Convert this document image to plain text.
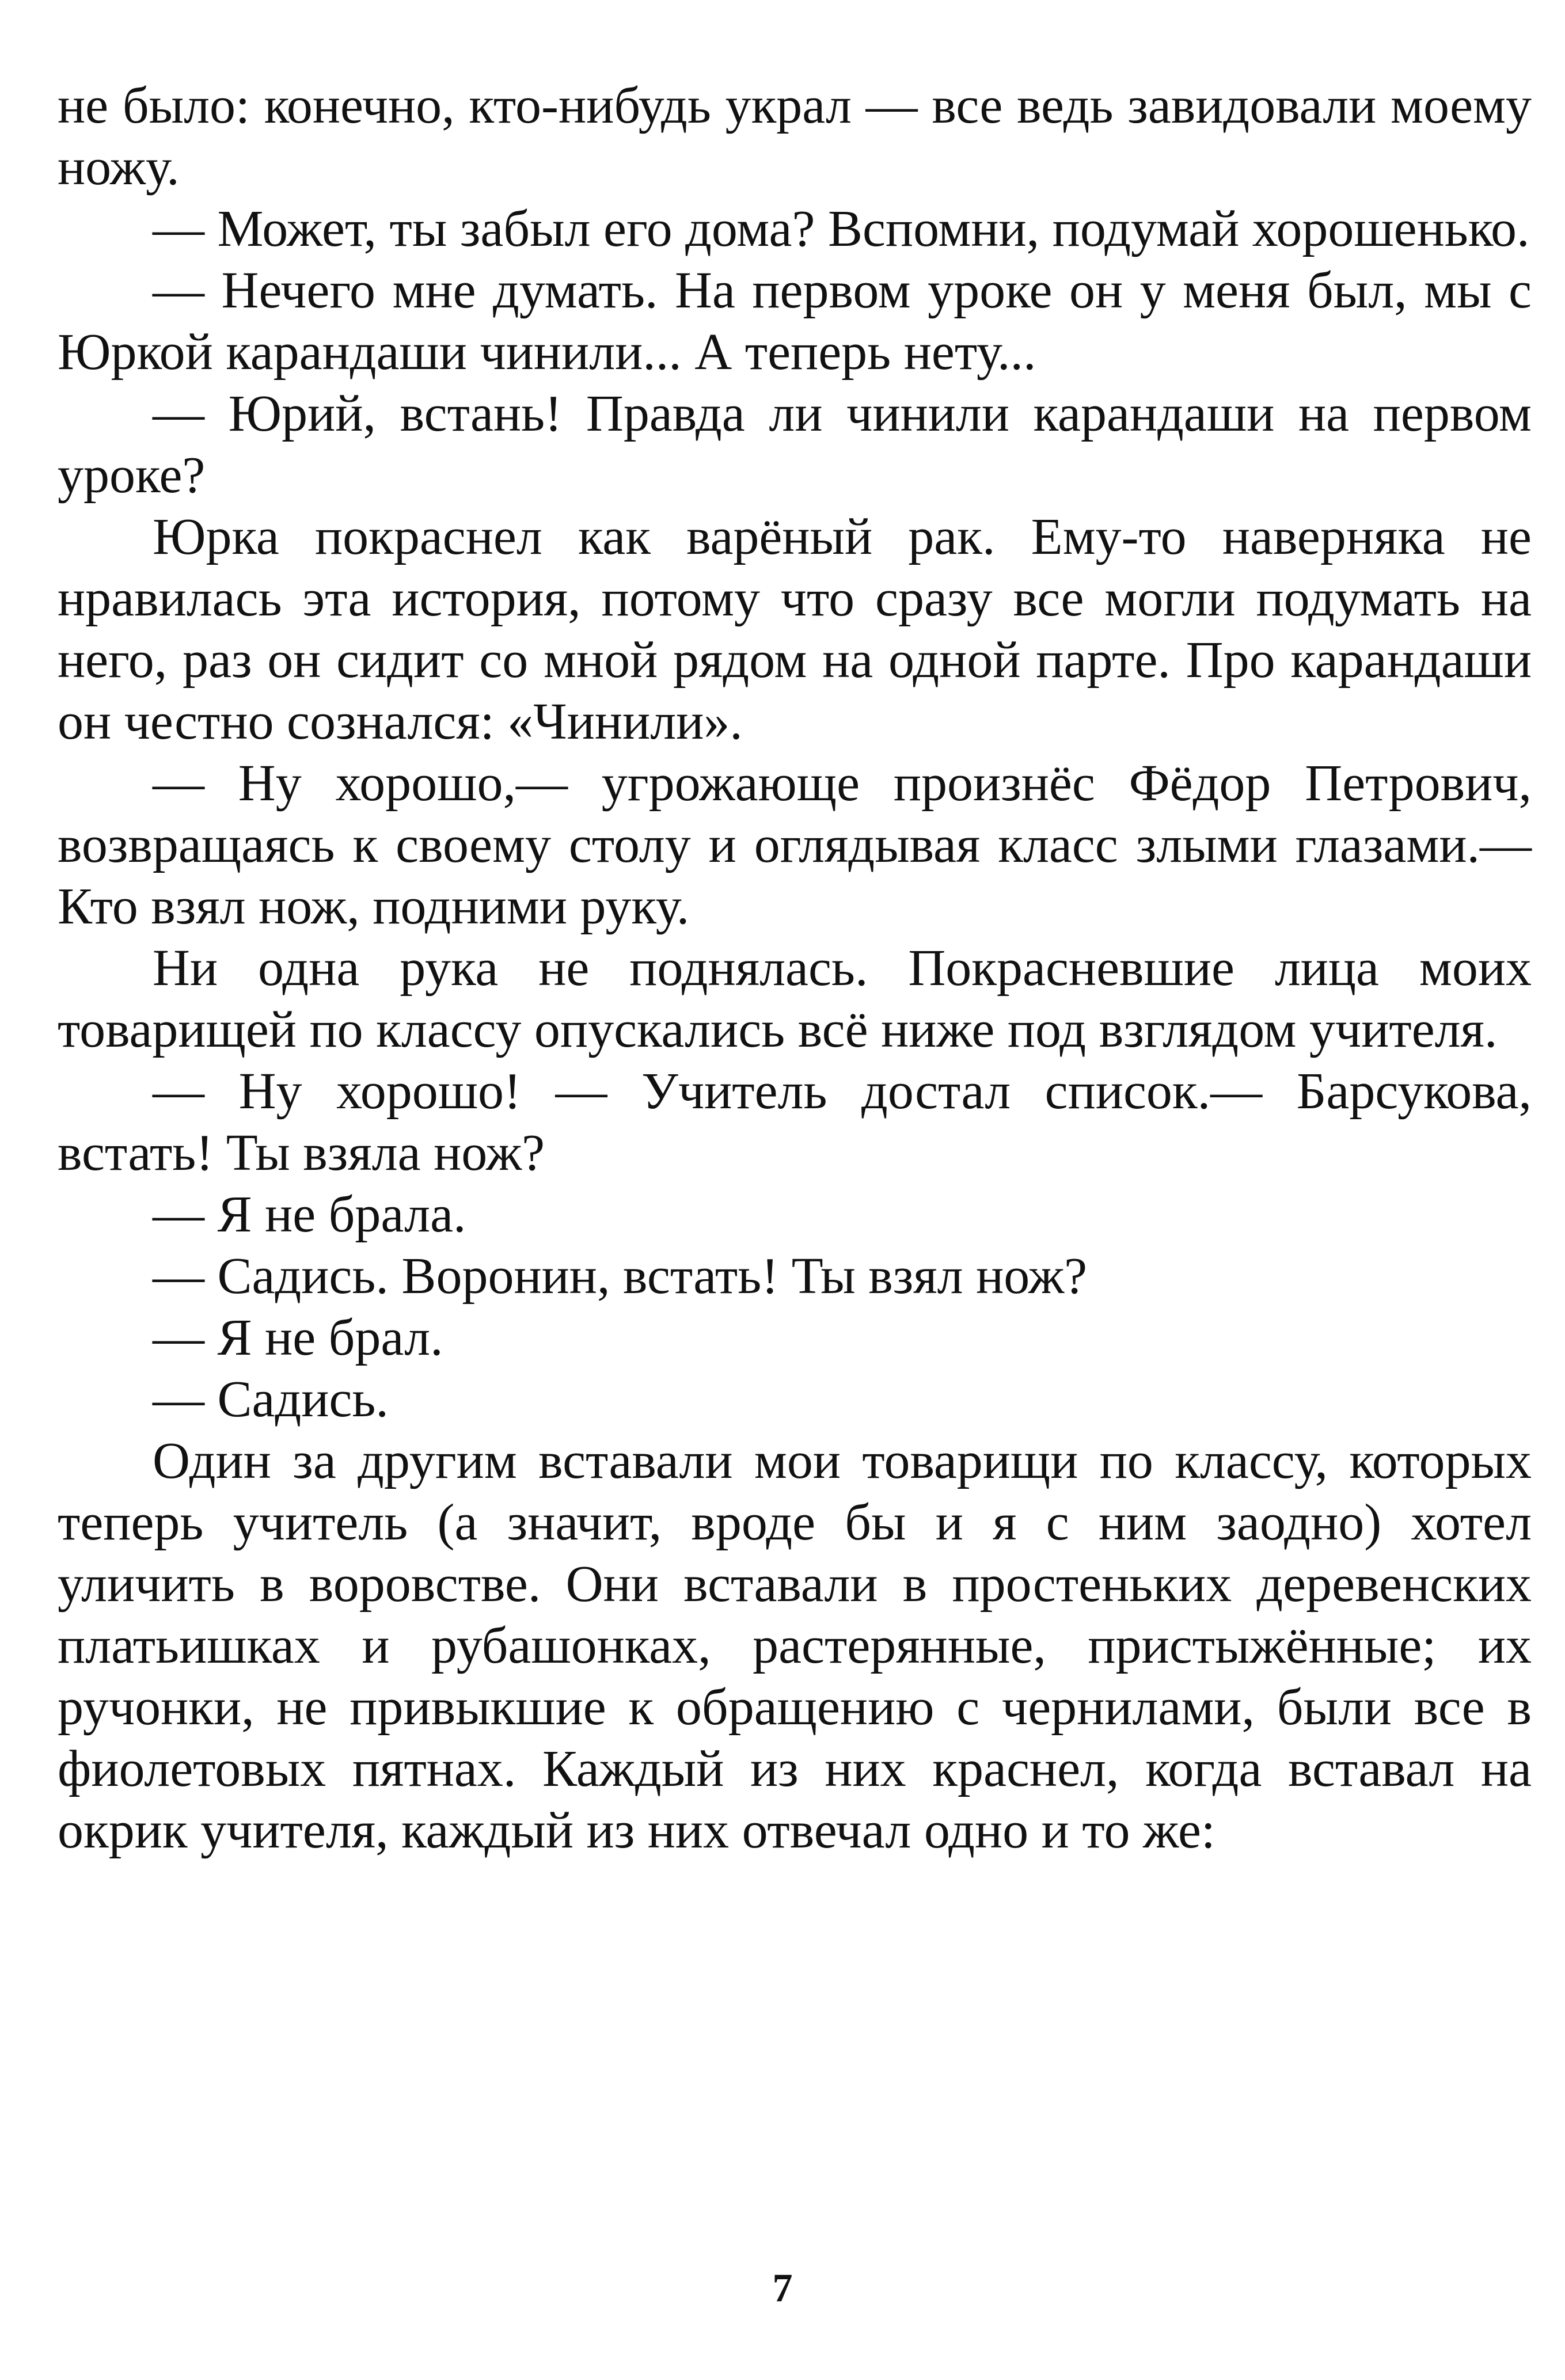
не было: конечно, кто-нибудь украл — все ведь завидовали моему ножу.

— Может, ты забыл его дома? Вспомни, подумай хорошенько.

— Нечего мне думать. На первом уроке он у меня был, мы с Юркой карандаши чинили... А теперь нету...

— Юрий, встань! Правда ли чинили карандаши на первом уроке?

Юрка покраснел как варёный рак. Ему-то наверняка не нравилась эта история, потому что сразу все могли подумать на него, раз он сидит со мной рядом на одной парте. Про карандаши он честно сознался: «Чинили».

— Ну хорошо,— угрожающе произнёс Фёдор Петрович, возвращаясь к своему столу и оглядывая класс злыми глазами.— Кто взял нож, подними руку.

Ни одна рука не поднялась. Покрасневшие лица моих товарищей по классу опускались всё ниже под взглядом учителя.

— Ну хорошо! — Учитель достал список.— Барсукова, встать! Ты взяла нож?

— Я не брала.

— Садись. Воронин, встать! Ты взял нож?

— Я не брал.

— Садись.

Один за другим вставали мои товарищи по классу, которых теперь учитель (а значит, вроде бы и я с ним заодно) хотел уличить в воровстве. Они вставали в простеньких деревенских платьишках и рубашонках, растерянные, пристыжённые; их ручонки, не привыкшие к обращению с чернилами, были все в фиолетовых пятнах. Каждый из них краснел, когда вставал на окрик учителя, каждый из них отвечал одно и то же:

7
